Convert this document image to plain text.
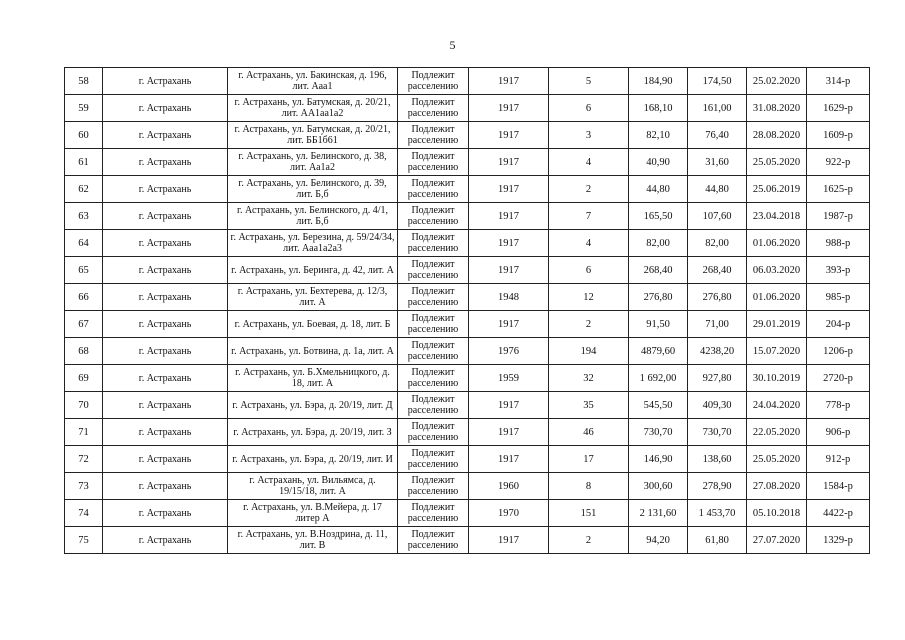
5
58	г. Астрахань	г. Астрахань, ул. Бакинская, д. 196, лит. Ааа1	Подлежит расселению	1917	5	184,90	174,50	25.02.2020	314-р
59	г. Астрахань	г. Астрахань, ул. Батумская, д. 20/21, лит. АА1аа1а2	Подлежит расселению	1917	6	168,10	161,00	31.08.2020	1629-р
60	г. Астрахань	г. Астрахань, ул. Батумская, д. 20/21, лит. ББ1б61	Подлежит расселению	1917	3	82,10	76,40	28.08.2020	1609-р
61	г. Астрахань	г. Астрахань, ул. Белинского, д. 38, лит. Аа1а2	Подлежит расселению	1917	4	40,90	31,60	25.05.2020	922-р
62	г. Астрахань	г. Астрахань, ул. Белинского, д. 39, лит. Б,б	Подлежит расселению	1917	2	44,80	44,80	25.06.2019	1625-р
63	г. Астрахань	г. Астрахань, ул. Белинского, д. 4/1, лит. Б,б	Подлежит расселению	1917	7	165,50	107,60	23.04.2018	1987-р
64	г. Астрахань	г. Астрахань, ул. Березина, д. 59/24/34, лит. Ааа1а2а3	Подлежит расселению	1917	4	82,00	82,00	01.06.2020	988-р
65	г. Астрахань	г. Астрахань, ул. Беринга, д. 42, лит. А	Подлежит расселению	1917	6	268,40	268,40	06.03.2020	393-р
66	г. Астрахань	г. Астрахань, ул. Бехтерева, д. 12/3, лит. А	Подлежит расселению	1948	12	276,80	276,80	01.06.2020	985-р
67	г. Астрахань	г. Астрахань, ул. Боевая, д. 18, лит. Б	Подлежит расселению	1917	2	91,50	71,00	29.01.2019	204-р
68	г. Астрахань	г. Астрахань, ул. Ботвина, д. 1а, лит. А	Подлежит расселению	1976	194	4879,60	4238,20	15.07.2020	1206-р
69	г. Астрахань	г. Астрахань, ул. Б.Хмельницкого, д. 18, лит. А	Подлежит расселению	1959	32	1 692,00	927,80	30.10.2019	2720-р
70	г. Астрахань	г. Астрахань, ул. Бэра, д. 20/19, лит. Д	Подлежит расселению	1917	35	545,50	409,30	24.04.2020	778-р
71	г. Астрахань	г. Астрахань, ул. Бэра, д. 20/19, лит. З	Подлежит расселению	1917	46	730,70	730,70	22.05.2020	906-р
72	г. Астрахань	г. Астрахань, ул. Бэра, д. 20/19, лит. И	Подлежит расселению	1917	17	146,90	138,60	25.05.2020	912-р
73	г. Астрахань	г. Астрахань, ул. Вильямса, д. 19/15/18, лит. А	Подлежит расселению	1960	8	300,60	278,90	27.08.2020	1584-р
74	г. Астрахань	г. Астрахань, ул. В.Мейера, д. 17 литер А	Подлежит расселению	1970	151	2 131,60	1 453,70	05.10.2018	4422-р
75	г. Астрахань	г. Астрахань, ул. В.Ноздрина, д. 11, лит. В	Подлежит расселению	1917	2	94,20	61,80	27.07.2020	1329-р
